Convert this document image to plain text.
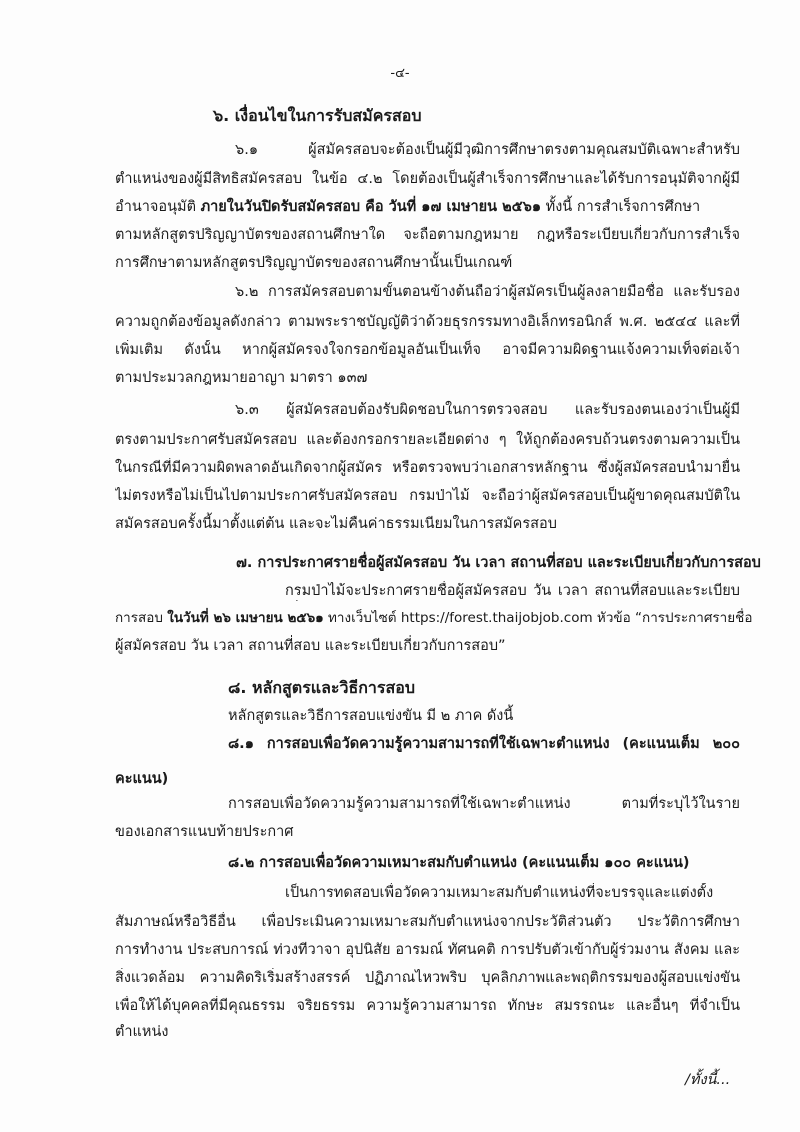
-๔-
๖. เงื่อนไขในการรับสมัครสอบ
๖.๑ ผู้สมัครสอบจะต้องเป็นผู้มีวุฒิการศึกษาตรงตามคุณสมบัติเฉพาะสำหรับ
ตำแหน่งของผู้มีสิทธิสมัครสอบ ในข้อ ๔.๒ โดยต้องเป็นผู้สำเร็จการศึกษาและได้รับการอนุมัติจากผู้มี
อำนาจอนุมัติ ภายในวันปิดรับสมัครสอบ คือ วันที่ ๑๗ เมษายน ๒๕๖๑ ทั้งนี้ การสำเร็จการศึกษา
ตามหลักสูตรปริญญาบัตรของสถานศึกษาใด จะถือตามกฎหมาย กฎหรือระเบียบเกี่ยวกับการสำเร็จ
การศึกษาตามหลักสูตรปริญญาบัตรของสถานศึกษานั้นเป็นเกณฑ์
๖.๒ การสมัครสอบตามขั้นตอนข้างต้นถือว่าผู้สมัครเป็นผู้ลงลายมือชื่อ และรับรอง
ความถูกต้องข้อมูลดังกล่าว ตามพระราชบัญญัติว่าด้วยธุรกรรมทางอิเล็กทรอนิกส์ พ.ศ. ๒๕๔๔ และที่
เพิ่มเติม ดังนั้น หากผู้สมัครจงใจกรอกข้อมูลอันเป็นเท็จ อาจมีความผิดฐานแจ้งความเท็จต่อเจ้า
ตามประมวลกฎหมายอาญา มาตรา ๑๓๗
๖.๓ ผู้สมัครสอบต้องรับผิดชอบในการตรวจสอบ และรับรองตนเองว่าเป็นผู้มี
ตรงตามประกาศรับสมัครสอบ และต้องกรอกรายละเอียดต่าง ๆ ให้ถูกต้องครบถ้วนตรงตามความเป็น
ในกรณีที่มีความผิดพลาดอันเกิดจากผู้สมัคร หรือตรวจพบว่าเอกสารหลักฐาน ซึ่งผู้สมัครสอบนำมายื่น
ไม่ตรงหรือไม่เป็นไปตามประกาศรับสมัครสอบ กรมป่าไม้ จะถือว่าผู้สมัครสอบเป็นผู้ขาดคุณสมบัติใน
สมัครสอบครั้งนี้มาตั้งแต่ต้น และจะไม่คืนค่าธรรมเนียมในการสมัครสอบ
๗. การประกาศรายชื่อผู้สมัครสอบ วัน เวลา สถานที่สอบ และระเบียบเกี่ยวกับการสอบ
กรมป่าไม้จะประกาศรายชื่อผู้สมัครสอบ วัน เวลา สถานที่สอบและระเบียบ
การสอบ ในวันที่ ๒๖ เมษายน ๒๕๖๑ ทางเว็บไซต์ https://forest.thaijobjob.com หัวข้อ “การประกาศรายชื่อ
ผู้สมัครสอบ วัน เวลา สถานที่สอบ และระเบียบเกี่ยวกับการสอบ”
๘. หลักสูตรและวิธีการสอบ
หลักสูตรและวิธีการสอบแข่งขัน มี ๒ ภาค ดังนี้
๘.๑ การสอบเพื่อวัดความรู้ความสามารถที่ใช้เฉพาะตำแหน่ง (คะแนนเต็ม ๒๐๐
คะแนน)
การสอบเพื่อวัดความรู้ความสามารถที่ใช้เฉพาะตำแหน่ง ตามที่ระบุไว้ในราย
ของเอกสารแนบท้ายประกาศ
๘.๒ การสอบเพื่อวัดความเหมาะสมกับตำแหน่ง (คะแนนเต็ม ๑๐๐ คะแนน)
เป็นการทดสอบเพื่อวัดความเหมาะสมกับตำแหน่งที่จะบรรจุและแต่งตั้ง
สัมภาษณ์หรือวิธีอื่น เพื่อประเมินความเหมาะสมกับตำแหน่งจากประวัติส่วนตัว ประวัติการศึกษา
การทำงาน ประสบการณ์ ท่วงทีวาจา อุปนิสัย อารมณ์ ทัศนคติ การปรับตัวเข้ากับผู้ร่วมงาน สังคม และ
สิ่งแวดล้อม ความคิดริเริ่มสร้างสรรค์ ปฏิภาณไหวพริบ บุคลิกภาพและพฤติกรรมของผู้สอบแข่งขัน
เพื่อให้ได้บุคคลที่มีคุณธรรม จริยธรรม ความรู้ความสามารถ ทักษะ สมรรถนะ และอื่นๆ ที่จำเป็น
ตำแหน่ง
/ทั้งนี้...
